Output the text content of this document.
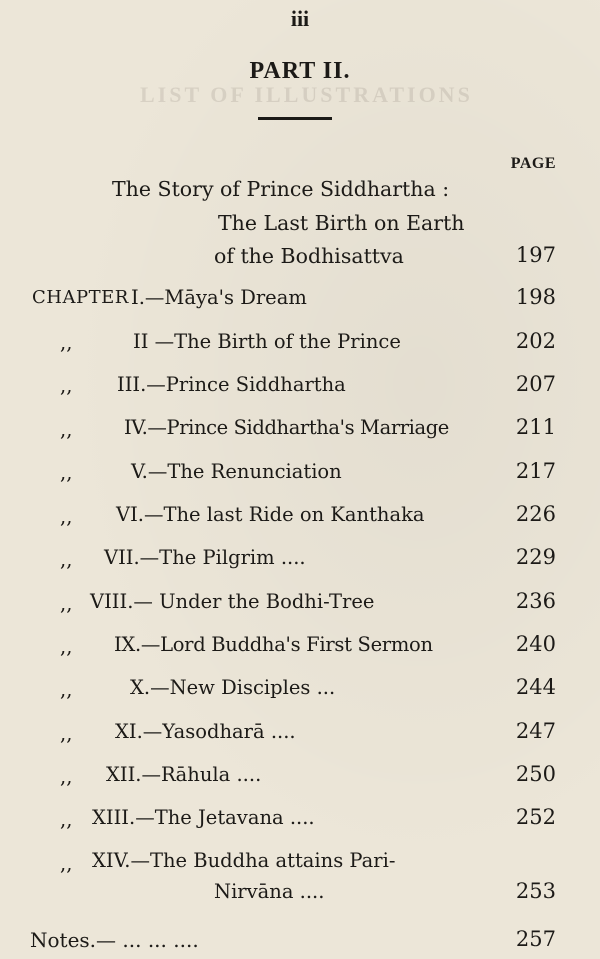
LIST OF ILLUSTRATIONS
iii
PART II.
PAGE
The Story of Prince Siddhartha :
The Last Birth on Earth
of the Bodhisattva	197
CHAPTER I.—Māya's Dream	198
,,	II —The Birth of the Prince	202
,, III.—Prince Siddhartha	207
,,	IV.—Prince Siddhartha's Marriage	211
,,	V.—The Renunciation	217
,, VI.—The last Ride on Kanthaka	226
,, VII.—The Pilgrim ....	229
,, VIII.— Under the Bodhi-Tree	236
,, IX.—Lord Buddha's First Sermon	240
,,	X.—New Disciples ...	244
,, XI.—Yasodharā ....	247
,, XII.—Rāhula ....	250
,, XIII.—The Jetavana ....	252
,, XIV.—The Buddha attains Pari-
Nirvāna ....	253
Notes.— ... ... ....	257
